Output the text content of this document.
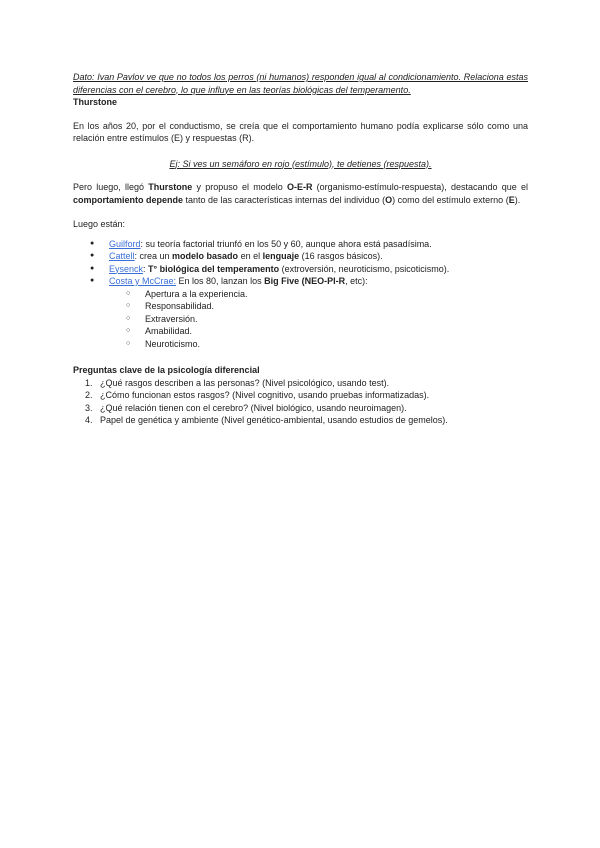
Dato: Ivan Pavlov ve que no todos los perros (ni humanos) responden igual al condicionamiento. Relaciona estas diferencias con el cerebro, lo que influye en las teorías biológicas del temperamento.

Thurstone

En los años 20, por el conductismo, se creía que el comportamiento humano podía explicarse sólo como una relación entre estímulos (E) y respuestas (R).

Ej: Si ves un semáforo en rojo (estímulo), te detienes (respuesta).

Pero luego, llegó Thurstone y propuso el modelo O-E-R (organismo-estímulo-respuesta), destacando que el comportamiento depende tanto de las características internas del individuo (O) como del estímulo externo (E).

Luego están:

● Guilford: su teoría factorial triunfó en los 50 y 60, aunque ahora está pasadísima.
● Cattell: crea un modelo basado en el lenguaje (16 rasgos básicos).
● Eysenck: T° biológica del temperamento (extroversión, neuroticismo, psicoticismo).
● Costa y McCrae: En los 80, lanzan los Big Five (NEO-PI-R, etc):
○ Apertura a la experiencia.
○ Responsabilidad.
○ Extraversión.
○ Amabilidad.
○ Neuroticismo.
Preguntas clave de la psicología diferencial
1. ¿Qué rasgos describen a las personas? (Nivel psicológico, usando test).
2. ¿Cómo funcionan estos rasgos? (Nivel cognitivo, usando pruebas informatizadas).
3. ¿Qué relación tienen con el cerebro? (Nivel biológico, usando neuroimagen).
4. Papel de genética y ambiente (Nivel genético-ambiental, usando estudios de gemelos).
